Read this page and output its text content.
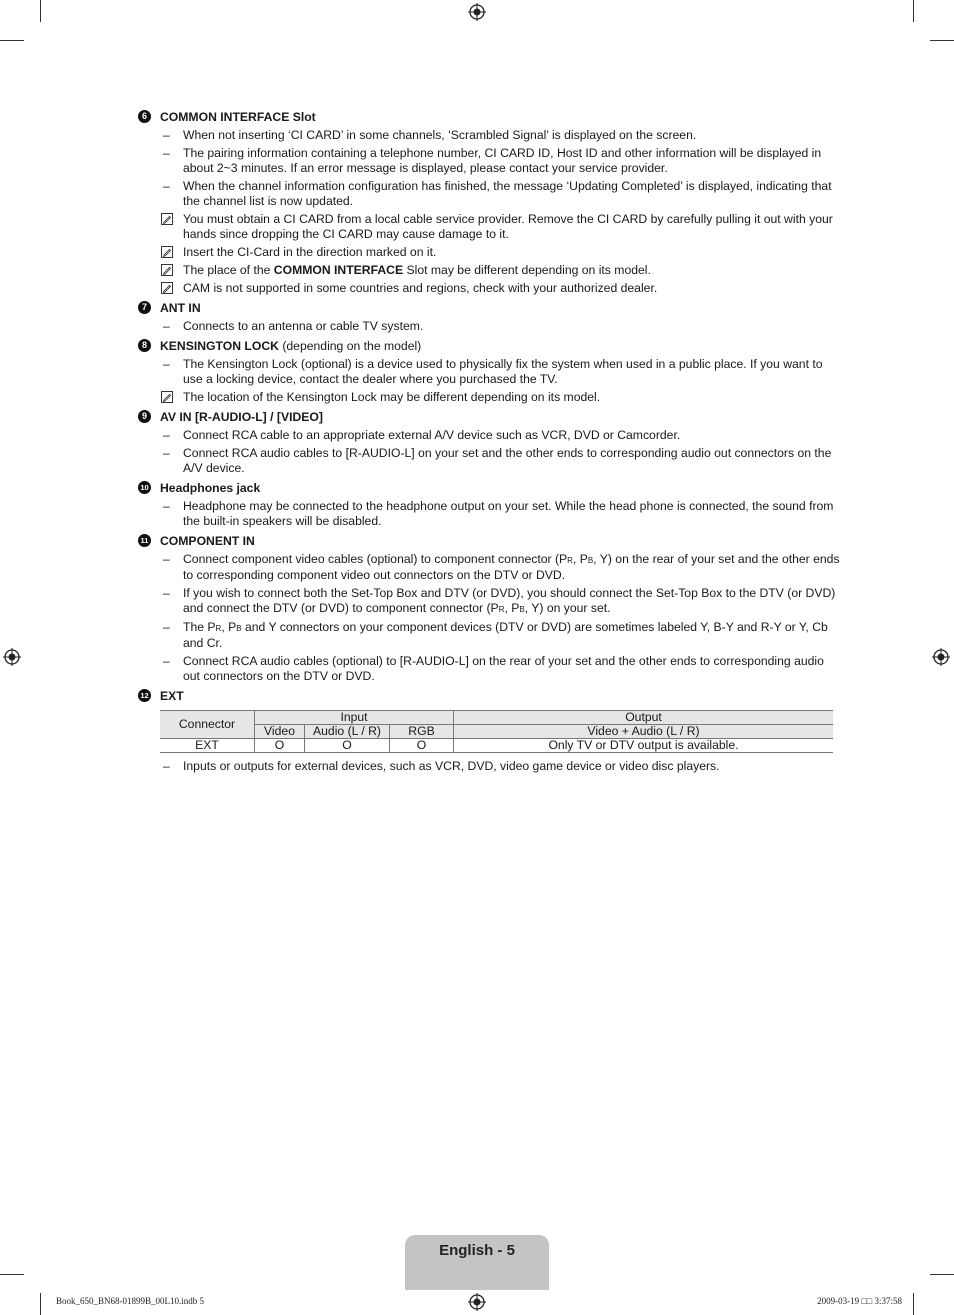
6	COMMON INTERFACE Slot
– When not inserting ‘CI CARD’ in some channels, ‘Scrambled Signal’ is displayed on the screen.
– The pairing information containing a telephone number, CI CARD ID, Host ID and other information will be displayed in about 2~3 minutes. If an error message is displayed, please contact your service provider.
– When the channel information configuration has finished, the message ‘Updating Completed’ is displayed, indicating that the channel list is now updated.
You must obtain a CI CARD from a local cable service provider. Remove the CI CARD by carefully pulling it out with your hands since dropping the CI CARD may cause damage to it.
Insert the CI-Card in the direction marked on it.
The place of the COMMON INTERFACE Slot may be different depending on its model.
CAM is not supported in some countries and regions, check with your authorized dealer.
7	ANT IN
– Connects to an antenna or cable TV system.
8	KENSINGTON LOCK (depending on the model)
– The Kensington Lock (optional) is a device used to physically fix the system when used in a public place. If you want to use a locking device, contact the dealer where you purchased the TV.
The location of the Kensington Lock may be different depending on its model.
9	AV IN [R-AUDIO-L] / [VIDEO]
– Connect RCA cable to an appropriate external A/V device such as VCR, DVD or Camcorder.
– Connect RCA audio cables to [R-AUDIO-L] on your set and the other ends to corresponding audio out connectors on the A/V device.
10 Headphones jack
– Headphone may be connected to the headphone output on your set. While the head phone is connected, the sound from the built-in speakers will be disabled.
11 COMPONENT IN
– Connect component video cables (optional) to component connector (PR, PB, Y) on the rear of your set and the other ends to corresponding component video out connectors on the DTV or DVD.
– If you wish to connect both the Set-Top Box and DTV (or DVD), you should connect the Set-Top Box to the DTV (or DVD) and connect the DTV (or DVD) to component connector (PR, PB, Y) on your set.
– The PR, PB and Y connectors on your component devices (DTV or DVD) are sometimes labeled Y, B-Y and R-Y or Y, Cb and Cr.
– Connect RCA audio cables (optional) to [R-AUDIO-L] on the rear of your set and the other ends to corresponding audio out connectors on the DTV or DVD.
12 EXT
Connector	Input			Output
	Video	Audio (L / R)	RGB	Video + Audio (L / R)
EXT	O	O	O	Only TV or DTV output is available.
– Inputs or outputs for external devices, such as VCR, DVD, video game device or video disc players.
English - 5
Book_650_BN68-01899B_00L10.indb 5	2009-03-19 □□ 3:37:58
